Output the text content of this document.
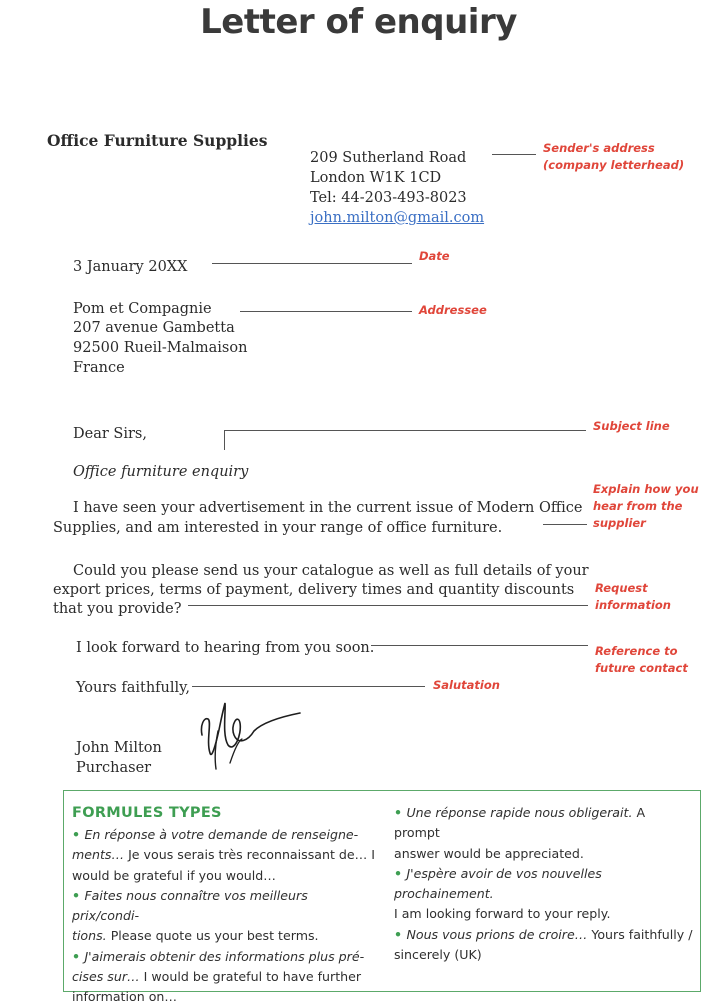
Letter of enquiry
Office Furniture Supplies
209 Sutherland Road
London W1K 1CD
Tel: 44-203-493-8023
john.milton@gmail.com
Sender's address
(company letterhead)
3 January 20XX
Date
Pom et Compagnie
207 avenue Gambetta
92500 Rueil-Malmaison
France
Addressee
Dear Sirs,	Subject line
Office furniture enquiry
I have seen your advertisement in the current issue of Modern Office
Supplies, and am interested in your range of office furniture.
Explain how you
hear from the
supplier
Could you please send us your catalogue as well as full details of your
export prices, terms of payment, delivery times and quantity discounts
that you provide?
Request
information
I look forward to hearing from you soon.	Reference to
future contact
Yours faithfully,	Salutation
John Milton
Purchaser
FORMULES TYPES

• En réponse à votre demande de renseigne-

ments… Je vous serais très reconnaissant de… I

would be grateful if you would…

• Faites nous connaître vos meilleurs prix/condi-

tions. Please quote us your best terms.

• J'aimerais obtenir des informations plus pré-

cises sur… I would be grateful to have further

information on…

• Une réponse rapide nous obligerait. A prompt

answer would be appreciated.

• J'espère avoir de vos nouvelles prochainement.

I am looking forward to your reply.

• Nous vous prions de croire… Yours faithfully /

sincerely (UK)
